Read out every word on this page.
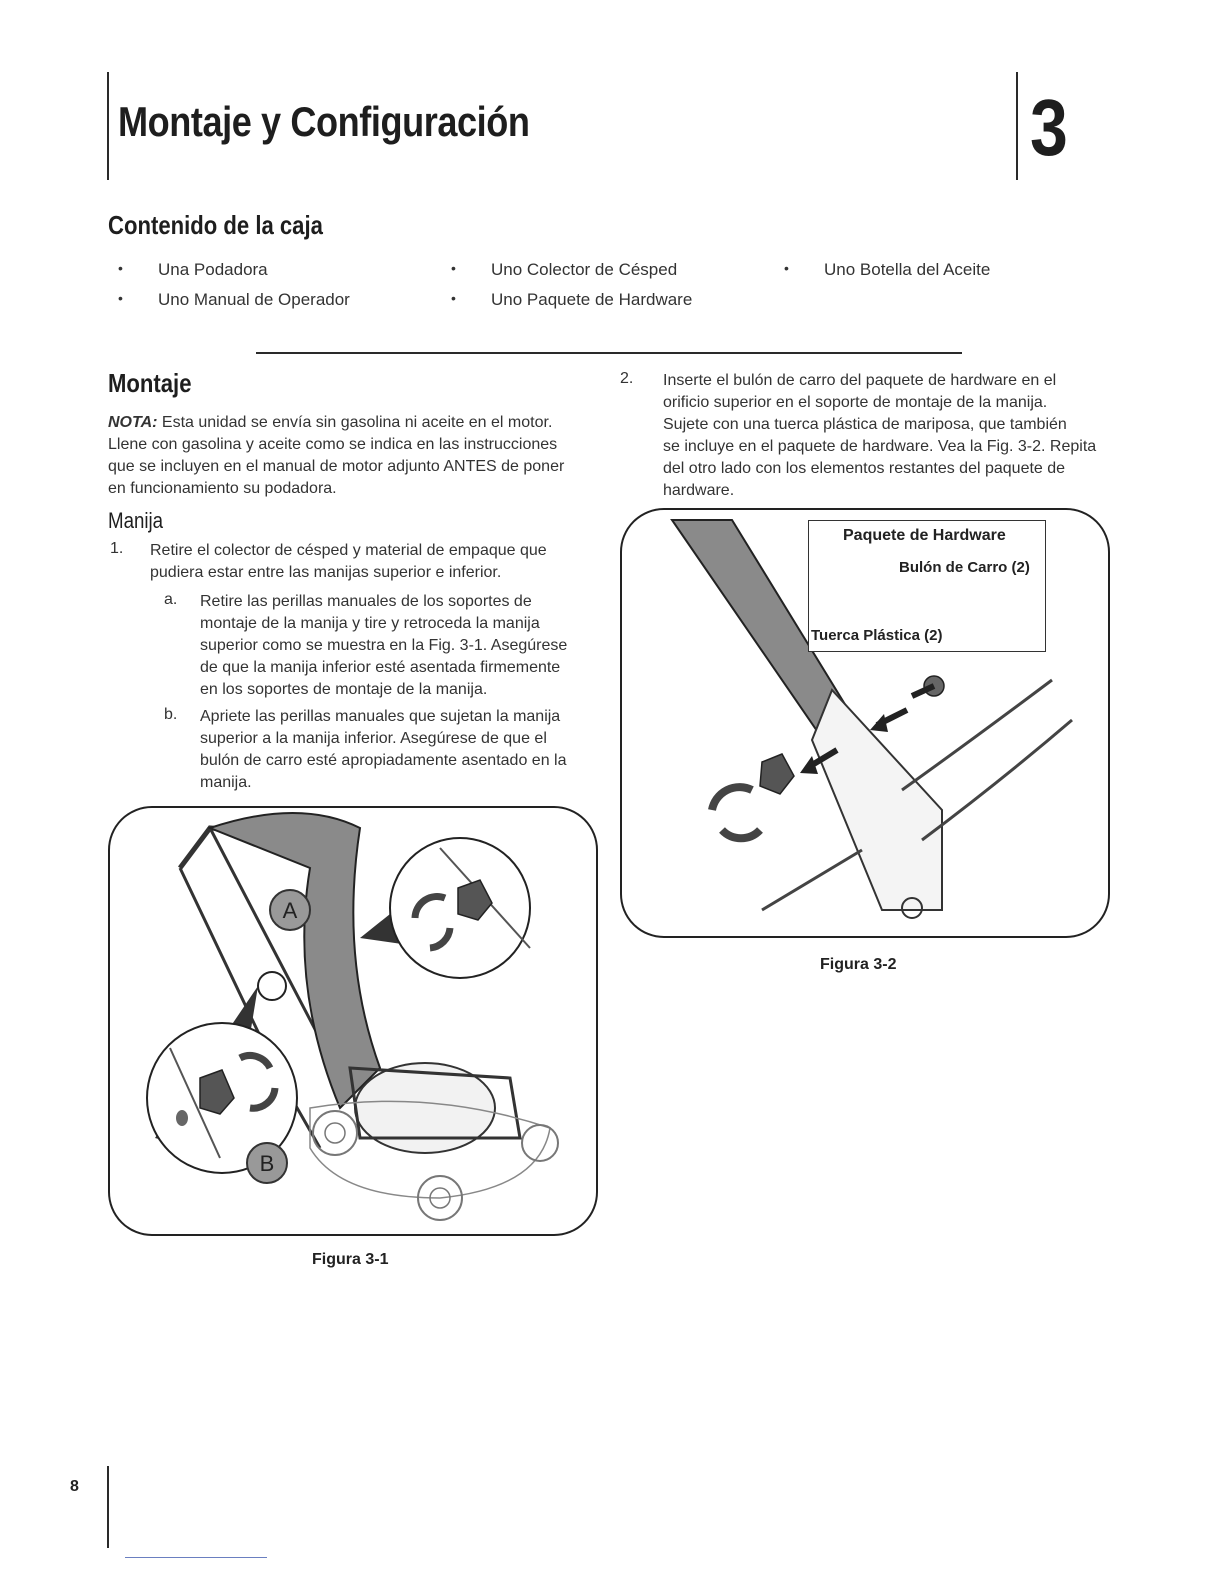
Montaje y Configuración	3
Contenido de la caja
• Una Podadora	• Uno Colector de Césped	• Uno Botella del Aceite
• Uno Manual de Operador	• Uno Paquete de Hardware
Montaje
NOTA: Esta unidad se envía sin gasolina ni aceite en el motor.
Llene con gasolina y aceite como se indica en las instrucciones
que se incluyen en el manual de motor adjunto ANTES de poner
en funcionamiento su podadora.
Manija
1. Retire el colector de césped y material de empaque que
pudiera estar entre las manijas superior e inferior.
a. Retire las perillas manuales de los soportes de
montaje de la manija y tire y retroceda la manija
superior como se muestra en la Fig. 3-1. Asegúrese
de que la manija inferior esté asentada firmemente
en los soportes de montaje de la manija.
b. Apriete las perillas manuales que sujetan la manija
superior a la manija inferior. Asegúrese de que el
bulón de carro esté apropiadamente asentado en la
manija.
A
B
Figura 3-1
2. Inserte el bulón de carro del paquete de hardware en el
orificio superior en el soporte de montaje de la manija.
Sujete con una tuerca plástica de mariposa, que también
se incluye en el paquete de hardware. Vea la Fig. 3-2. Repita
del otro lado con los elementos restantes del paquete de
hardware.
Paquete de Hardware
Bulón de Carro (2)
Tuerca Plástica (2)
Figura 3-2
8
